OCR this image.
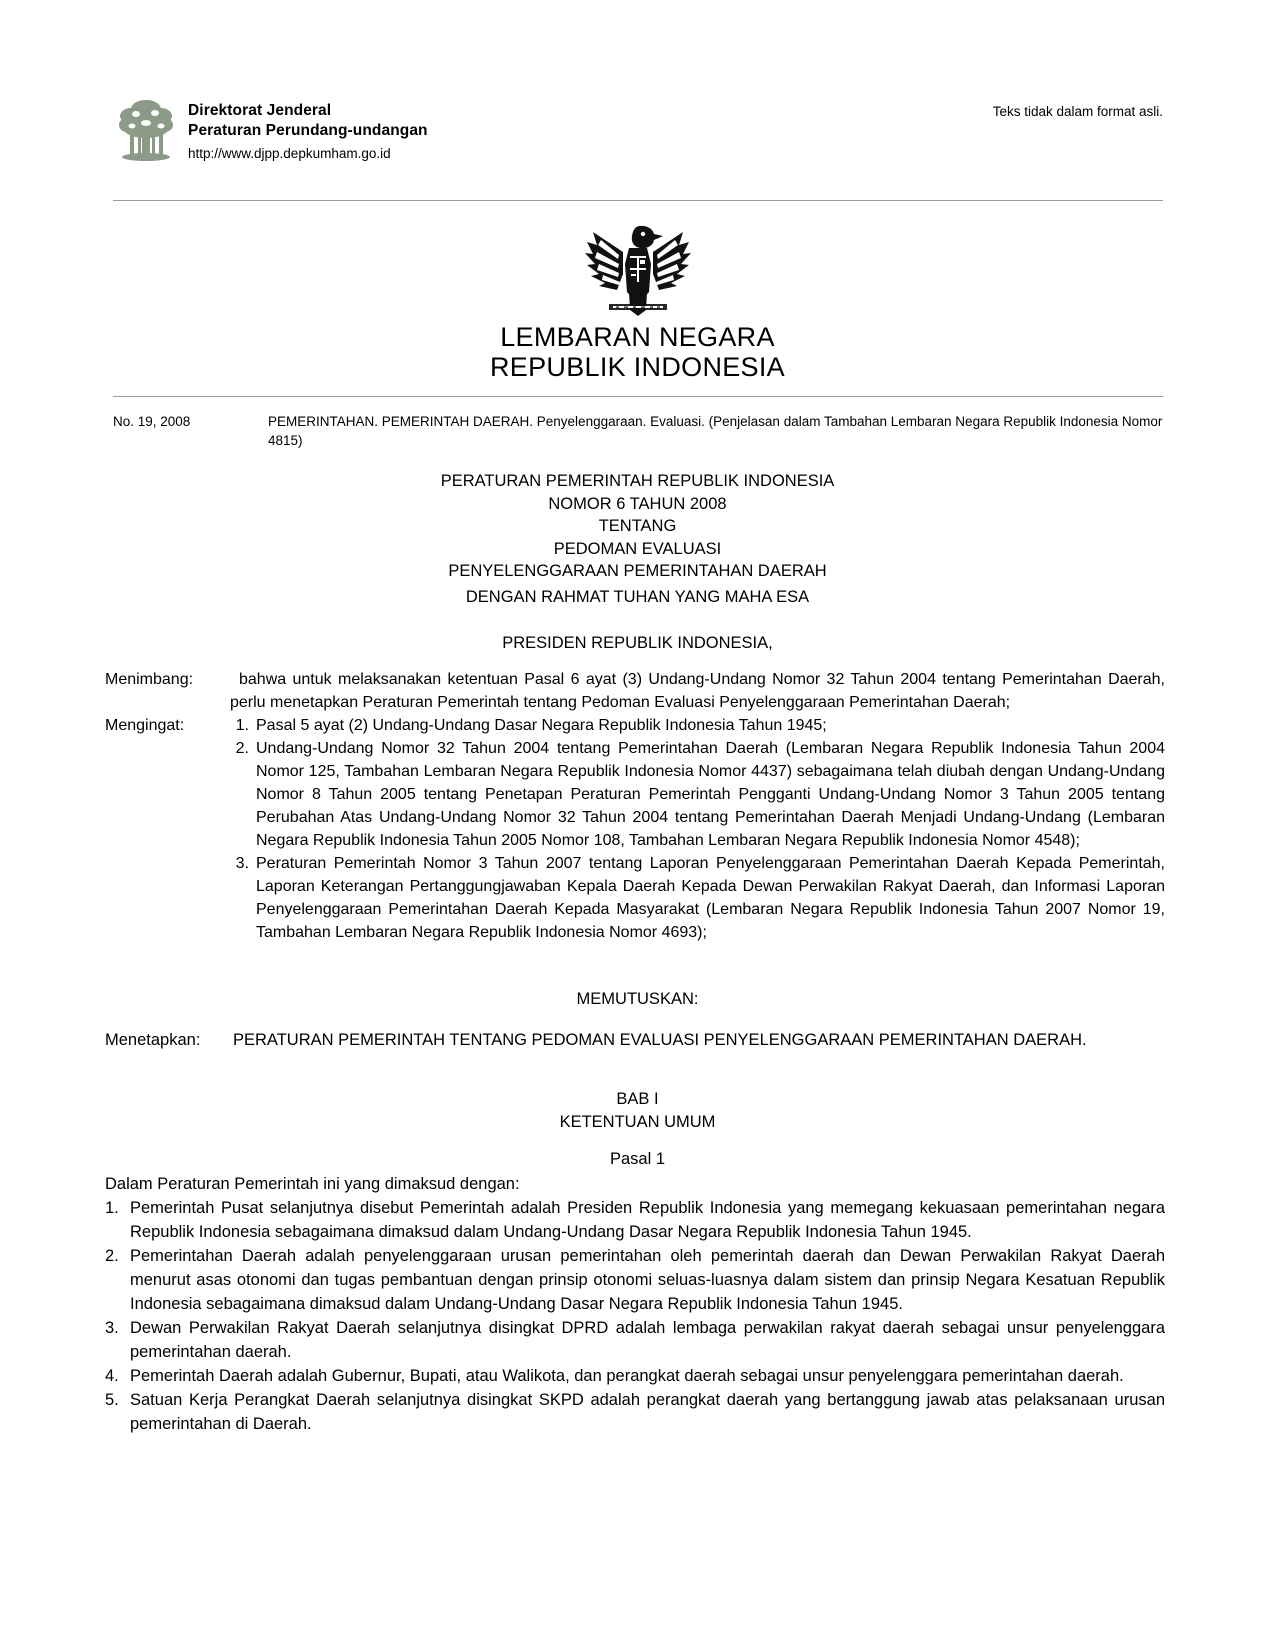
Direktorat Jenderal
Peraturan Perundang-undangan
http://www.djpp.depkumham.go.id
Teks tidak dalam format asli.
LEMBARAN NEGARA
REPUBLIK INDONESIA
No. 19, 2008	PEMERINTAHAN. PEMERINTAH DAERAH. Penyelenggaraan. Evaluasi. (Penjelasan dalam Tambahan Lembaran Negara Republik Indonesia Nomor 4815)
PERATURAN PEMERINTAH REPUBLIK INDONESIA
NOMOR 6 TAHUN 2008
TENTANG
PEDOMAN EVALUASI
PENYELENGGARAAN PEMERINTAHAN DAERAH
DENGAN RAHMAT TUHAN YANG MAHA ESA
PRESIDEN REPUBLIK INDONESIA,
Menimbang:	bahwa untuk melaksanakan ketentuan Pasal 6 ayat (3) Undang-Undang Nomor 32 Tahun 2004 tentang Pemerintahan Daerah, perlu menetapkan Peraturan Pemerintah tentang Pedoman Evaluasi Penyelenggaraan Pemerintahan Daerah;
Mengingat:	1. Pasal 5 ayat (2) Undang-Undang Dasar Negara Republik Indonesia Tahun 1945;
2. Undang-Undang Nomor 32 Tahun 2004 tentang Pemerintahan Daerah (Lembaran Negara Republik Indonesia Tahun 2004 Nomor 125, Tambahan Lembaran Negara Republik Indonesia Nomor 4437) sebagaimana telah diubah dengan Undang-Undang Nomor 8 Tahun 2005 tentang Penetapan Peraturan Pemerintah Pengganti Undang-Undang Nomor 3 Tahun 2005 tentang Perubahan Atas Undang-Undang Nomor 32 Tahun 2004 tentang Pemerintahan Daerah Menjadi Undang-Undang (Lembaran Negara Republik Indonesia Tahun 2005 Nomor 108, Tambahan Lembaran Negara Republik Indonesia Nomor 4548);
3. Peraturan Pemerintah Nomor 3 Tahun 2007 tentang Laporan Penyelenggaraan Pemerintahan Daerah Kepada Pemerintah, Laporan Keterangan Pertanggungjawaban Kepala Daerah Kepada Dewan Perwakilan Rakyat Daerah, dan Informasi Laporan Penyelenggaraan Pemerintahan Daerah Kepada Masyarakat (Lembaran Negara Republik Indonesia Tahun 2007 Nomor 19, Tambahan Lembaran Negara Republik Indonesia Nomor 4693);
MEMUTUSKAN:
Menetapkan:	PERATURAN PEMERINTAH TENTANG PEDOMAN EVALUASI PENYELENGGARAAN PEMERINTAHAN DAERAH.
BAB I
KETENTUAN UMUM
Pasal 1
Dalam Peraturan Pemerintah ini yang dimaksud dengan:
1. Pemerintah Pusat selanjutnya disebut Pemerintah adalah Presiden Republik Indonesia yang memegang kekuasaan pemerintahan negara Republik Indonesia sebagaimana dimaksud dalam Undang-Undang Dasar Negara Republik Indonesia Tahun 1945.
2. Pemerintahan Daerah adalah penyelenggaraan urusan pemerintahan oleh pemerintah daerah dan Dewan Perwakilan Rakyat Daerah menurut asas otonomi dan tugas pembantuan dengan prinsip otonomi seluas-luasnya dalam sistem dan prinsip Negara Kesatuan Republik Indonesia sebagaimana dimaksud dalam Undang-Undang Dasar Negara Republik Indonesia Tahun 1945.
3. Dewan Perwakilan Rakyat Daerah selanjutnya disingkat DPRD adalah lembaga perwakilan rakyat daerah sebagai unsur penyelenggara pemerintahan daerah.
4. Pemerintah Daerah adalah Gubernur, Bupati, atau Walikota, dan perangkat daerah sebagai unsur penyelenggara pemerintahan daerah.
5. Satuan Kerja Perangkat Daerah selanjutnya disingkat SKPD adalah perangkat daerah yang bertanggung jawab atas pelaksanaan urusan pemerintahan di Daerah.
